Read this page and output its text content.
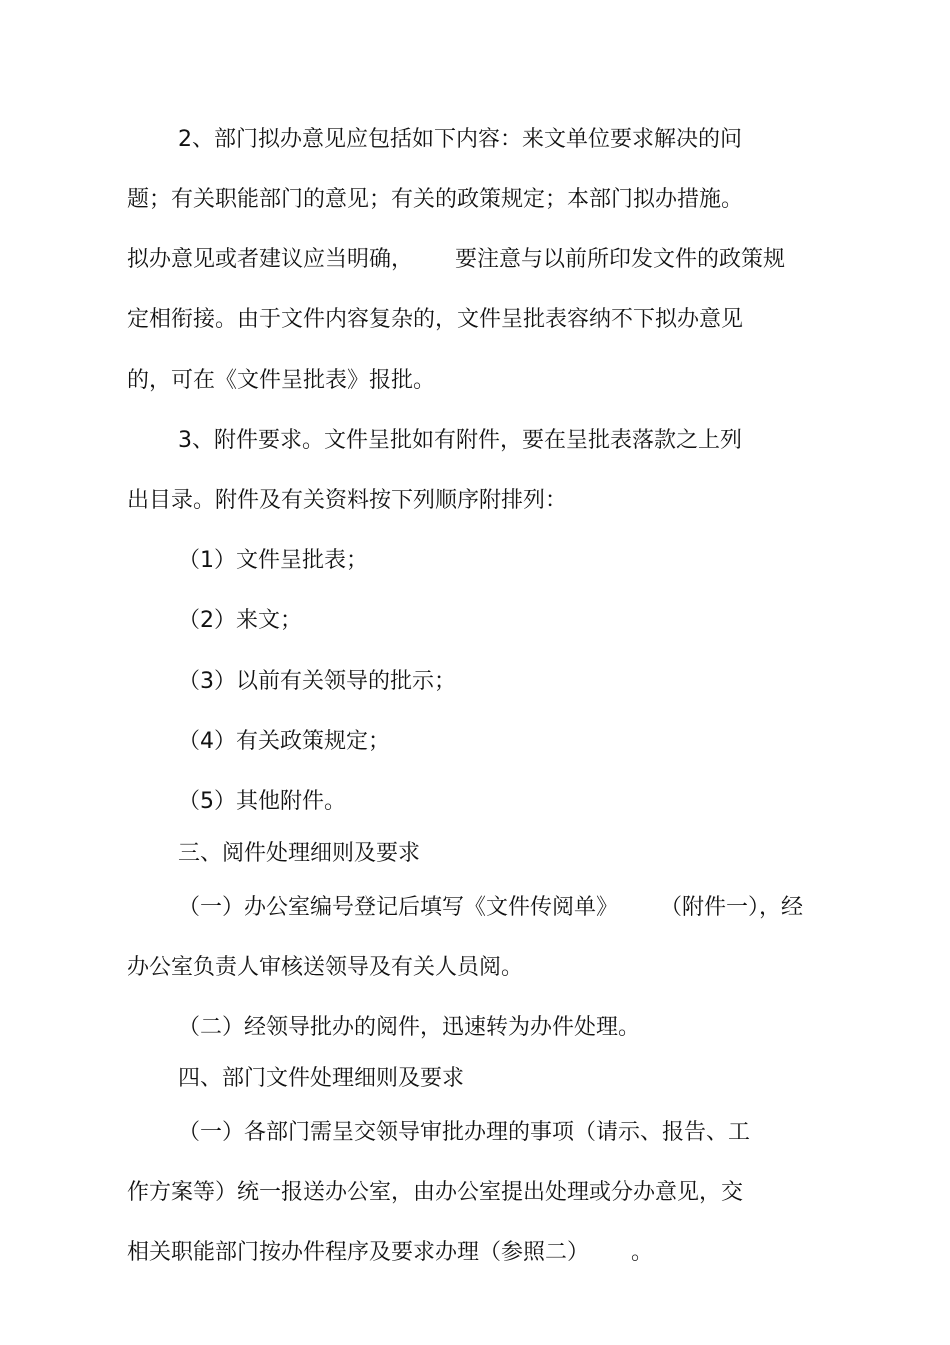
2、部门拟办意见应包括如下内容：来文单位要求解决的问
题；有关职能部门的意见；有关的政策规定；本部门拟办措施。
拟办意见或者建议应当明确，      要注意与以前所印发文件的政策规
定相衔接。由于文件内容复杂的，文件呈批表容纳不下拟办意见
的，可在《文件呈批表》报批。
3、附件要求。文件呈批如有附件，要在呈批表落款之上列
出目录。附件及有关资料按下列顺序附排列：
（1）文件呈批表；
（2）来文；
（3）以前有关领导的批示；
（4）有关政策规定；
（5）其他附件。
三、阅件处理细则及要求
（一）办公室编号登记后填写《文件传阅单》      （附件一），经
办公室负责人审核送领导及有关人员阅。
（二）经领导批办的阅件，迅速转为办件处理。
四、部门文件处理细则及要求
（一）各部门需呈交领导审批办理的事项（请示、报告、工
作方案等）统一报送办公室，由办公室提出处理或分办意见，交
相关职能部门按办件程序及要求办理（参照二）      。
